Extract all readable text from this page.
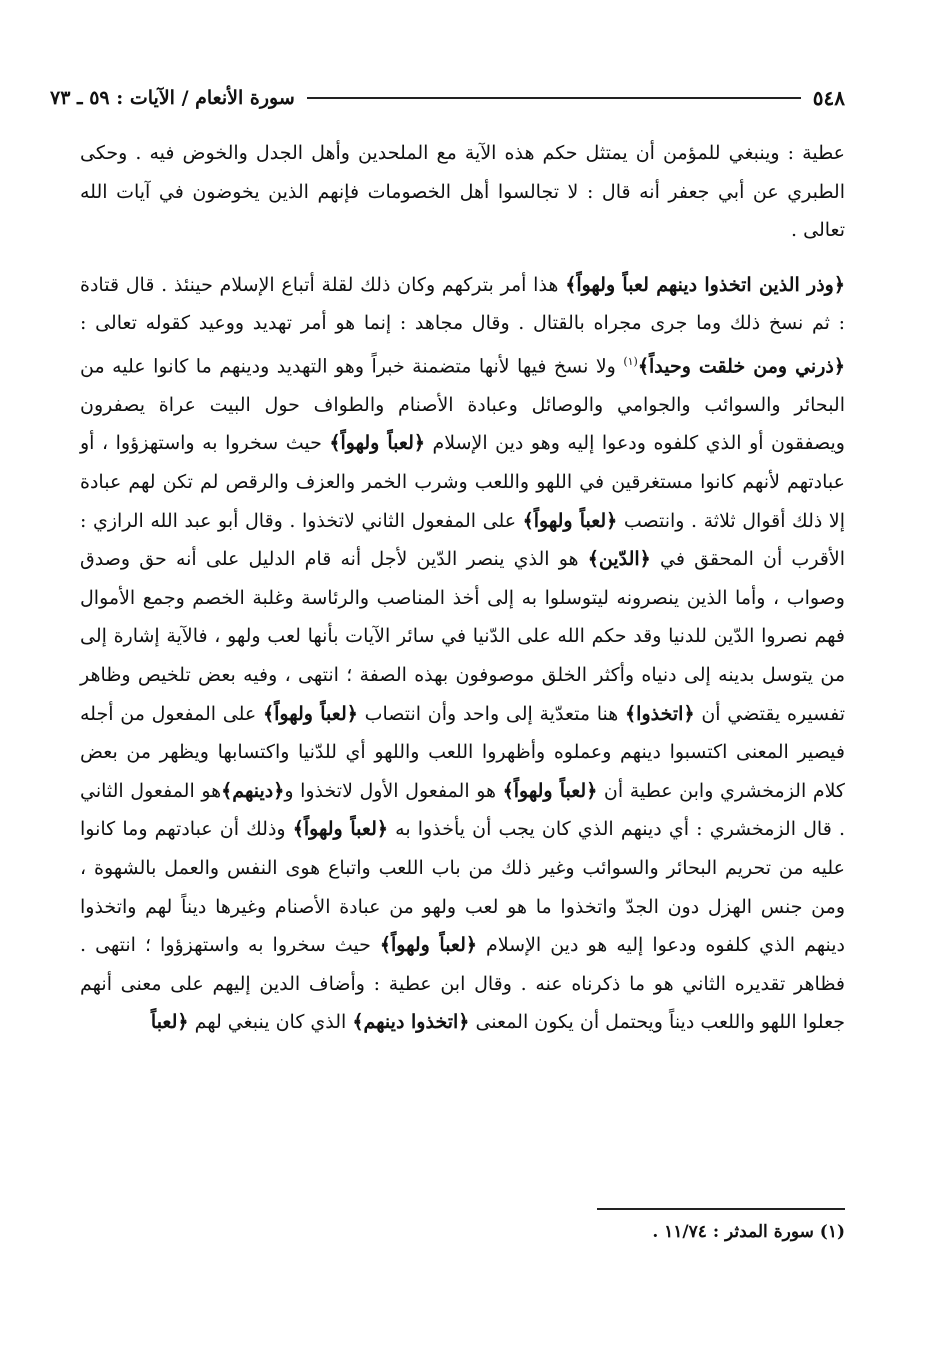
٥٤٨
سورة الأنعام / الآيات : ٥٩ ـ ٧٣

عطية : وينبغي للمؤمن أن يمتثل حكم هذه الآية مع الملحدين وأهل الجدل والخوض فيه . وحكى الطبري عن أبي جعفر أنه قال : لا تجالسوا أهل الخصومات فإنهم الذين يخوضون في آيات الله تعالى .

﴿وذر الذين اتخذوا دينهم لعباً ولهواً﴾ هذا أمر بتركهم وكان ذلك لقلة أتباع الإسلام حينئذ . قال قتادة : ثم نسخ ذلك وما جرى مجراه بالقتال . وقال مجاهد : إنما هو أمر تهديد ووعيد كقوله تعالى : ﴿ذرني ومن خلقت وحيداً﴾$^{(١)}$ ولا نسخ فيها لأنها متضمنة خبراً وهو التهديد ودينهم ما كانوا عليه من البحائر والسوائب والجوامي والوصائل وعبادة الأصنام والطواف حول البيت عراة يصفرون ويصفقون أو الذي كلفوه ودعوا إليه وهو دين الإسلام ﴿لعباً ولهواً﴾ حيث سخروا به واستهزؤوا ، أو عبادتهم لأنهم كانوا مستغرقين في اللهو واللعب وشرب الخمر والعزف والرقص لم تكن لهم عبادة إلا ذلك أقوال ثلاثة . وانتصب ﴿لعباً ولهواً﴾ على المفعول الثاني لاتخذوا . وقال أبو عبد الله الرازي : الأقرب أن المحقق في ﴿الدّين﴾ هو الذي ينصر الدّين لأجل أنه قام الدليل على أنه حق وصدق وصواب ، وأما الذين ينصرونه ليتوسلوا به إلى أخذ المناصب والرئاسة وغلبة الخصم وجمع الأموال فهم نصروا الدّين للدنيا وقد حكم الله على الدّنيا في سائر الآيات بأنها لعب ولهو ، فالآية إشارة إلى من يتوسل بدينه إلى دنياه وأكثر الخلق موصوفون بهذه الصفة ؛ انتهى ، وفيه بعض تلخيص وظاهر تفسيره يقتضي أن ﴿اتخذوا﴾ هنا متعدّية إلى واحد وأن انتصاب ﴿لعباً ولهواً﴾ على المفعول من أجله فيصير المعنى اكتسبوا دينهم وعملوه وأظهروا اللعب واللهو أي للدّنيا واكتسابها ويظهر من بعض كلام الزمخشري وابن عطية أن ﴿لعباً ولهواً﴾ هو المفعول الأول لاتخذوا و﴿دينهم﴾هو المفعول الثاني . قال الزمخشري : أي دينهم الذي كان يجب أن يأخذوا به ﴿لعباً ولهواً﴾ وذلك أن عبادتهم وما كانوا عليه من تحريم البحائر والسوائب وغير ذلك من باب اللعب واتباع هوى النفس والعمل بالشهوة ، ومن جنس الهزل دون الجدّ واتخذوا ما هو لعب ولهو من عبادة الأصنام وغيرها ديناً لهم واتخذوا دينهم الذي كلفوه ودعوا إليه هو دين الإسلام ﴿لعباً ولهواً﴾ حيث سخروا به واستهزؤوا ؛ انتهى . فظاهر تقديره الثاني هو ما ذكرناه عنه . وقال ابن عطية : وأضاف الدين إليهم على معنى أنهم جعلوا اللهو واللعب ديناً ويحتمل أن يكون المعنى ﴿اتخذوا دينهم﴾ الذي كان ينبغي لهم ﴿لعباً

(١) سورة المدثر : ١١/٧٤ .
